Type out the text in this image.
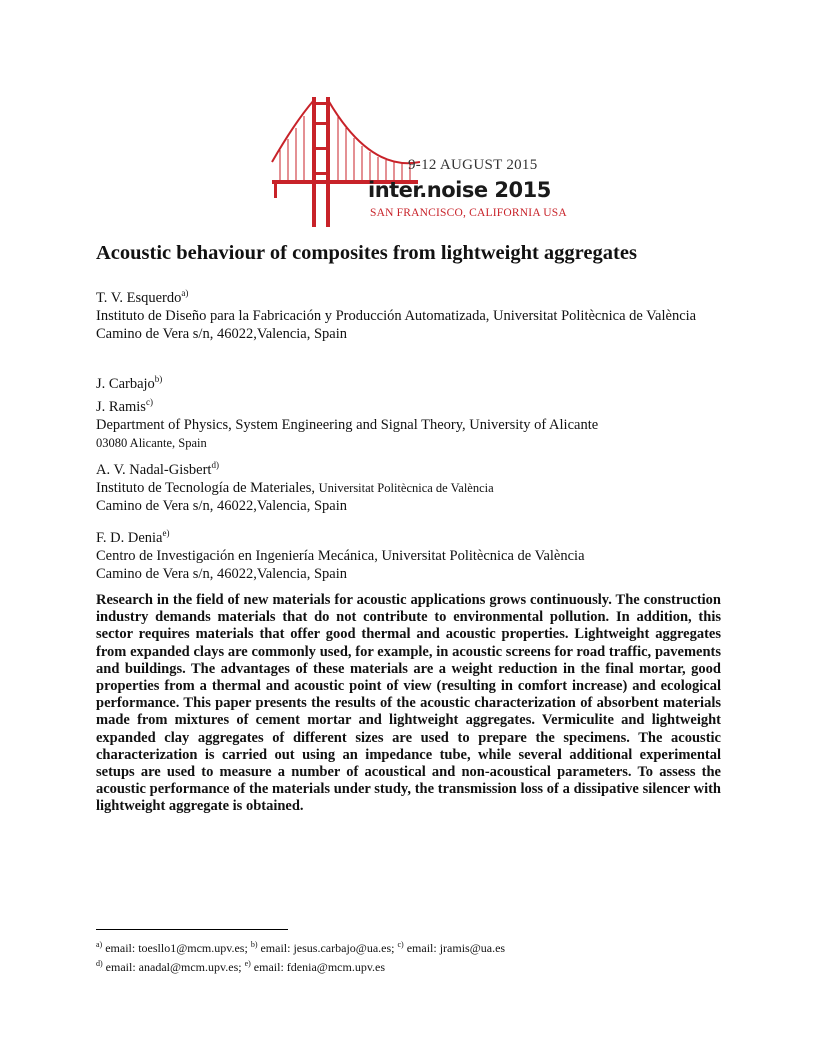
9-12 AUGUST 2015
inter.noise 2015
SAN FRANCISCO, CALIFORNIA USA
Acoustic behaviour of composites from lightweight aggregates
T. V. Esquerdo$^{a)}$
Instituto de Diseño para la Fabricación y Producción Automatizada, Universitat Politècnica de València
Camino de Vera s/n, 46022,Valencia, Spain
J. Carbajo$^{b)}$
J. Ramis$^{c)}$
Department of Physics, System Engineering and Signal Theory, University of Alicante
03080 Alicante, Spain
A. V. Nadal-Gisbert$^{d)}$
Instituto de Tecnología de Materiales, Universitat Politècnica de València
Camino de Vera s/n, 46022,Valencia, Spain
F. D. Denia$^{e)}$
Centro de Investigación en Ingeniería Mecánica, Universitat Politècnica de València
Camino de Vera s/n, 46022,Valencia, Spain
Research in the field of new materials for acoustic applications grows continuously. The construction industry demands materials that do not contribute to environmental pollution. In addition, this sector requires materials that offer good thermal and acoustic properties. Lightweight aggregates from expanded clays are commonly used, for example, in acoustic screens for road traffic, pavements and buildings. The advantages of these materials are a weight reduction in the final mortar, good properties from a thermal and acoustic point of view (resulting in comfort increase) and ecological performance. This paper presents the results of the acoustic characterization of absorbent materials made from mixtures of cement mortar and lightweight aggregates. Vermiculite and lightweight expanded clay aggregates of different sizes are used to prepare the specimens. The acoustic characterization is carried out using an impedance tube, while several additional experimental setups are used to measure a number of acoustical and non-acoustical parameters. To assess the acoustic performance of the materials under study, the transmission loss of a dissipative silencer with lightweight aggregate is obtained.
$^{a)}$ email: toesllo1@mcm.upv.es; $^{b)}$ email: jesus.carbajo@ua.es; $^{c)}$ email: jramis@ua.es
$^{d)}$ email: anadal@mcm.upv.es; $^{e)}$ email: fdenia@mcm.upv.es
